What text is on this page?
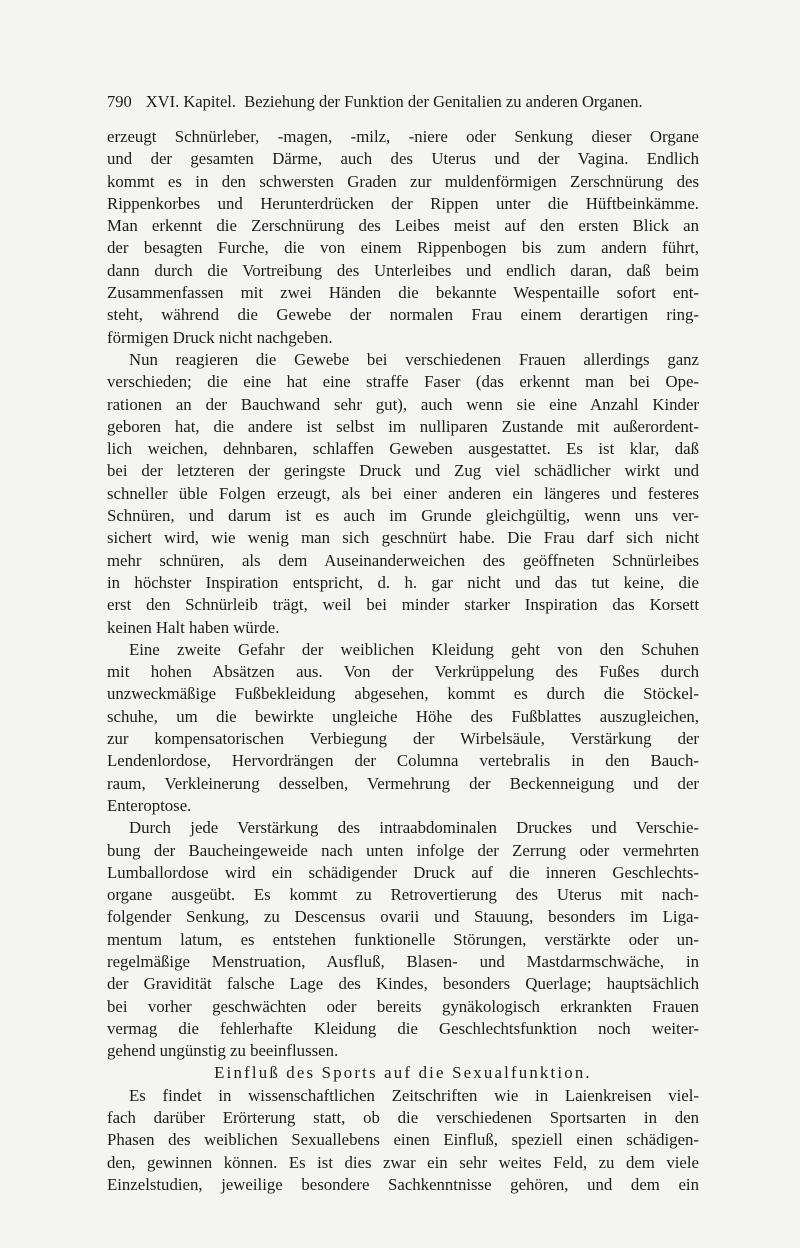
790 XVI. Kapitel. Beziehung der Funktion der Genitalien zu anderen Organen.
erzeugt Schnürleber, -magen, -milz, -niere oder Senkung dieser Organe
und der gesamten Därme, auch des Uterus und der Vagina. Endlich
kommt es in den schwersten Graden zur muldenförmigen Zerschnürung des
Rippenkorbes und Herunterdrücken der Rippen unter die Hüftbeinkämme.
Man erkennt die Zerschnürung des Leibes meist auf den ersten Blick an
der besagten Furche, die von einem Rippenbogen bis zum andern führt,
dann durch die Vortreibung des Unterleibes und endlich daran, daß beim
Zusammenfassen mit zwei Händen die bekannte Wespentaille sofort ent-
steht, während die Gewebe der normalen Frau einem derartigen ring-
förmigen Druck nicht nachgeben.
Nun reagieren die Gewebe bei verschiedenen Frauen allerdings ganz
verschieden; die eine hat eine straffe Faser (das erkennt man bei Ope-
rationen an der Bauchwand sehr gut), auch wenn sie eine Anzahl Kinder
geboren hat, die andere ist selbst im nulliparen Zustande mit außerordent-
lich weichen, dehnbaren, schlaffen Geweben ausgestattet. Es ist klar, daß
bei der letzteren der geringste Druck und Zug viel schädlicher wirkt und
schneller üble Folgen erzeugt, als bei einer anderen ein längeres und festeres
Schnüren, und darum ist es auch im Grunde gleichgültig, wenn uns ver-
sichert wird, wie wenig man sich geschnürt habe. Die Frau darf sich nicht
mehr schnüren, als dem Auseinanderweichen des geöffneten Schnürleibes
in höchster Inspiration entspricht, d. h. gar nicht und das tut keine, die
erst den Schnürleib trägt, weil bei minder starker Inspiration das Korsett
keinen Halt haben würde.
Eine zweite Gefahr der weiblichen Kleidung geht von den Schuhen
mit hohen Absätzen aus. Von der Verkrüppelung des Fußes durch
unzweckmäßige Fußbekleidung abgesehen, kommt es durch die Stöckel-
schuhe, um die bewirkte ungleiche Höhe des Fußblattes auszugleichen,
zur kompensatorischen Verbiegung der Wirbelsäule, Verstärkung der
Lendenlordose, Hervordrängen der Columna vertebralis in den Bauch-
raum, Verkleinerung desselben, Vermehrung der Beckenneigung und der
Enteroptose.
Durch jede Verstärkung des intraabdominalen Druckes und Verschie-
bung der Baucheingeweide nach unten infolge der Zerrung oder vermehrten
Lumballordose wird ein schädigender Druck auf die inneren Geschlechts-
organe ausgeübt. Es kommt zu Retrovertierung des Uterus mit nach-
folgender Senkung, zu Descensus ovarii und Stauung, besonders im Liga-
mentum latum, es entstehen funktionelle Störungen, verstärkte oder un-
regelmäßige Menstruation, Ausfluß, Blasen- und Mastdarmschwäche, in
der Gravidität falsche Lage des Kindes, besonders Querlage; hauptsächlich
bei vorher geschwächten oder bereits gynäkologisch erkrankten Frauen
vermag die fehlerhafte Kleidung die Geschlechtsfunktion noch weiter-
gehend ungünstig zu beeinflussen.
Einfluß des Sports auf die Sexualfunktion.
Es findet in wissenschaftlichen Zeitschriften wie in Laienkreisen viel-
fach darüber Erörterung statt, ob die verschiedenen Sportsarten in den
Phasen des weiblichen Sexuallebens einen Einfluß, speziell einen schädigen-
den, gewinnen können. Es ist dies zwar ein sehr weites Feld, zu dem viele
Einzelstudien, jeweilige besondere Sachkenntnisse gehören, und dem ein
